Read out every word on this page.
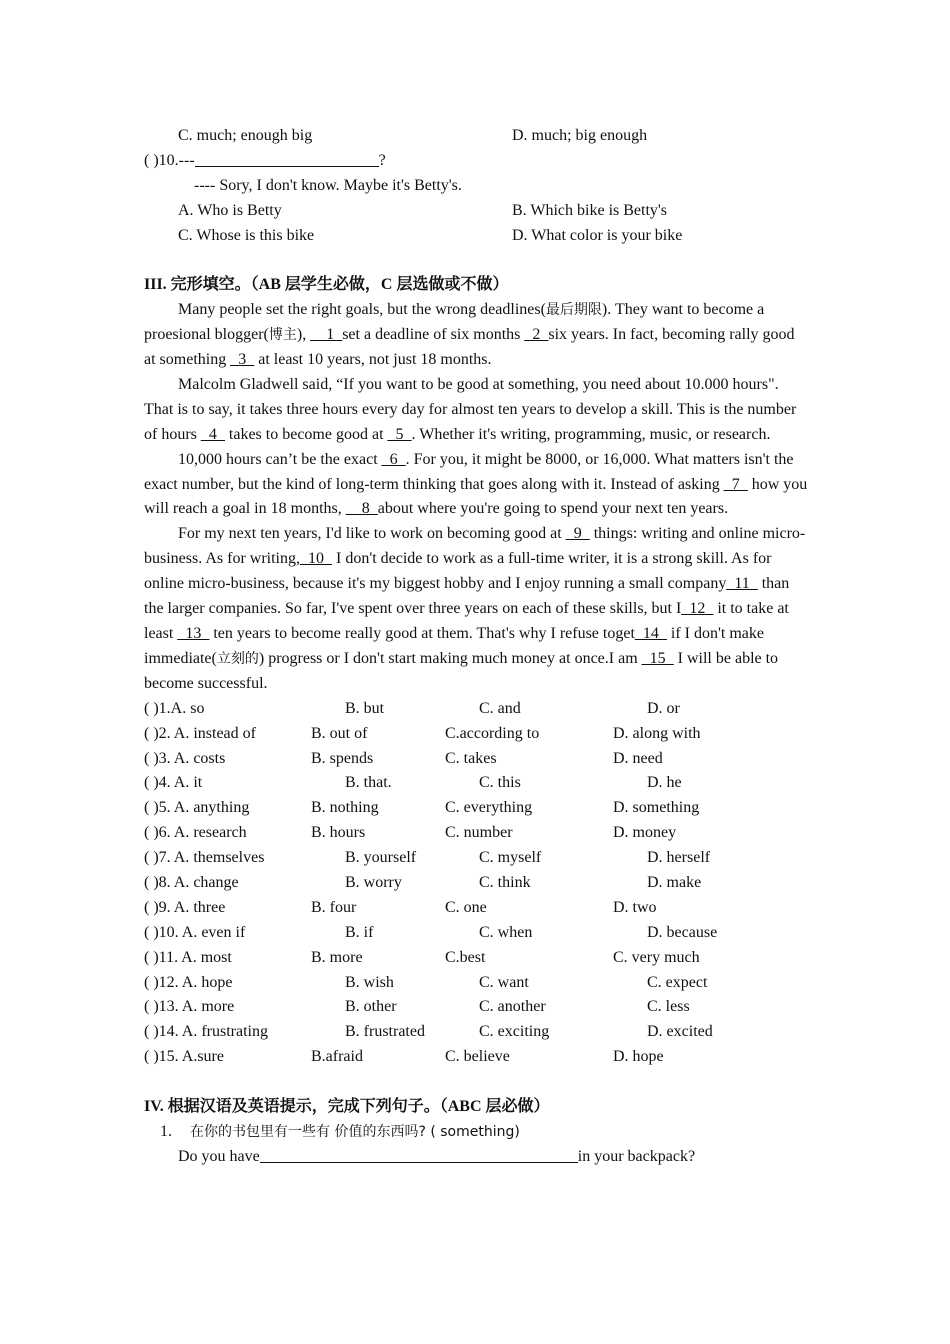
C. much; enough big	D. much; big enough
( )10.---	?
---- Sory, I don't know. Maybe it's Betty's.
A. Who is Betty	B. Which bike is Betty's
C. Whose is this bike	D. What color is your bike
III. 完形填空。（AB 层学生必做，C 层选做或不做）

Many people set the right goals, but the wrong deadlines(最后期限). They want to become a proesional blogger(博主), __1_set a deadline of six months _2_six years. In fact, becoming rally good at something _3_ at least 10 years, not just 18 months.

Malcolm Gladwell said, “If you want to be good at something, you need about 10.000 hours". That is to say, it takes three hours every day for almost ten years to develop a skill. This is the number of hours _4_ takes to become good at _5_. Whether it's writing, programming, music, or research.

10,000 hours can’t be the exact _6_. For you, it might be 8000, or 16,000. What matters isn't the exact number, but the kind of long-term thinking that goes along with it. Instead of asking _7_ how you will reach a goal in 18 months, __8_about where you're going to spend your next ten years.

For my next ten years, I'd like to work on becoming good at _9_ things: writing and online micro-business. As for writing,_10_ I don't decide to work as a full-time writer, it is a strong skill. As for online micro-business, because it's my biggest hobby and I enjoy running a small company_11_ than the larger companies. So far, I've spent over three years on each of these skills, but I_12_ it to take at least _13_ ten years to become really good at them. That's why I refuse toget_14_ if I don't make immediate(立刻的) progress or I don't start making much money at once.I am _15_ I will be able to become successful.

( )1.A. so	B. but	C. and	D. or
( )2. A. instead of	B. out of	C.according to	D. along with
( )3. A. costs	B. spends	C. takes	D. need
( )4. A. it	B. that.	C. this	D. he
( )5. A. anything	B. nothing	C. everything	D. something
( )6. A. research	B. hours	C. number	D. money
( )7. A. themselves	B. yourself	C. myself	D. herself
( )8. A. change	B. worry	C. think	D. make
( )9. A. three	B. four	C. one	D. two
( )10. A. even if	B. if	C. when	D. because
( )11. A. most	B. more	C.best	C. very much
( )12. A. hope	B. wish	C. want	C. expect
( )13. A. more	B. other	C. another	C. less
( )14. A. frustrating	B. frustrated	C. exciting	D. excited
( )15. A.sure	B.afraid	C. believe	D. hope
IV. 根据汉语及英语提示，完成下列句子。（ABC 层必做）
1. 在你的书包里有一些有 价值的东西吗? ( something)
Do you have	in your backpack?
